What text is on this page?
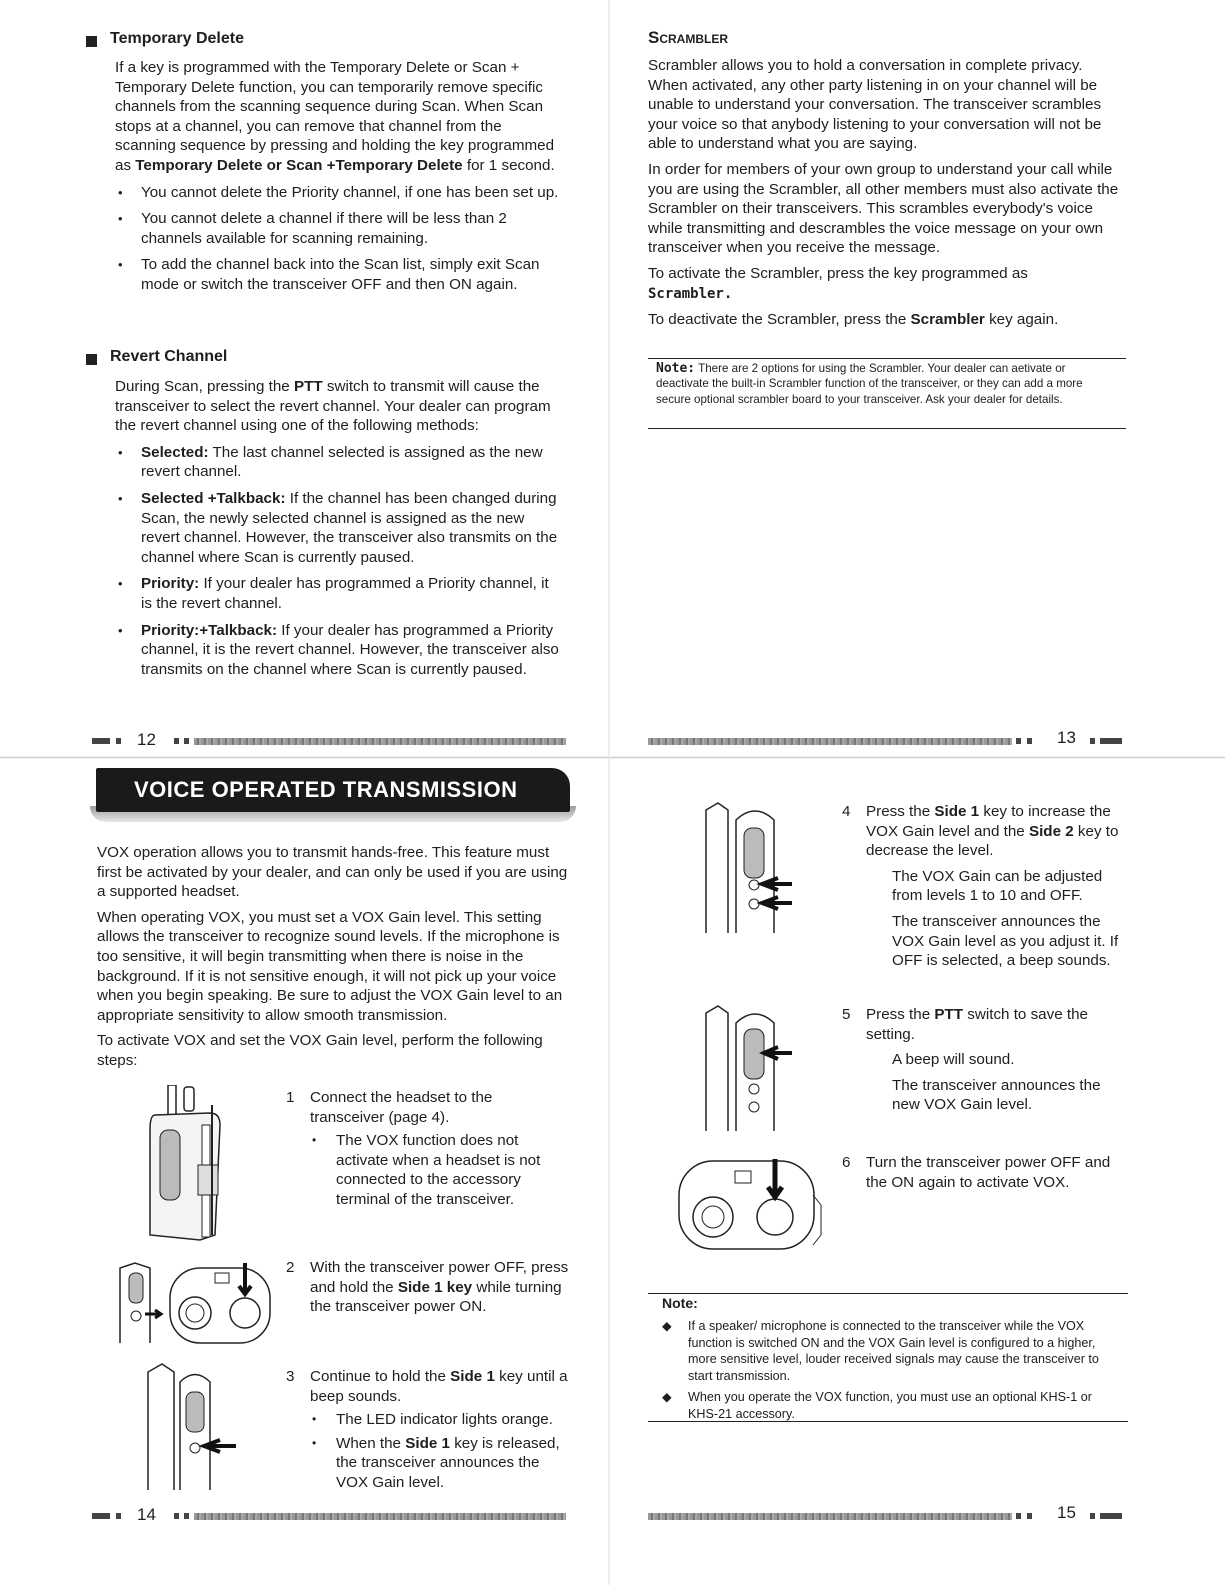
Temporary Delete

If a key is programmed with the Temporary Delete or Scan + Temporary Delete function, you can temporarily remove specific channels from the scanning sequence during Scan. When Scan stops at a channel, you can remove that channel from the scanning sequence by pressing and holding the key programmed as Temporary Delete or Scan +Temporary Delete for 1 second.

• You cannot delete the Priority channel, if one has been set up.
• You cannot delete a channel if there will be less than 2 channels available for scanning remaining.
• To add the channel back into the Scan list, simply exit Scan mode or switch the transceiver OFF and then ON again.
Revert Channel

During Scan, pressing the PTT switch to transmit will cause the transceiver to select the revert channel. Your dealer can program the revert channel using one of the following methods:

• Selected: The last channel selected is assigned as the new revert channel.
• Selected +Talkback: If the channel has been changed during Scan, the newly selected channel is assigned as the new revert channel. However, the transceiver also transmits on the channel where Scan is currently paused.
• Priority: If your dealer has programmed a Priority channel, it is the revert channel.
• Priority:+Talkback: If your dealer has programmed a Priority channel, it is the revert channel. However, the transceiver also transmits on the channel where Scan is currently paused.
12
Scrambler

Scrambler allows you to hold a conversation in complete privacy. When activated, any other party listening in on your channel will be unable to understand your conversation. The transceiver scrambles your voice so that anybody listening to your conversation will not be able to understand what you are saying.

In order for members of your own group to understand your call while you are using the Scrambler, all other members must also activate the Scrambler on their transceivers. This scrambles everybody's voice while transmitting and descrambles the voice message on your own transceiver when you receive the message.

To activate the Scrambler, press the key programmed as
Scrambler.

To deactivate the Scrambler, press the Scrambler key again.

Note: There are 2 options for using the Scrambler. Your dealer can aetivate or deactivate the built-in Scrambler function of the transceiver, or they can add a more secure optional scrambler board to your transceiver. Ask your dealer for details.
13
VOICE OPERATED TRANSMISSION (VOX)

VOX operation allows you to transmit hands-free. This feature must first be activated by your dealer, and can only be used if you are using a supported headset.

When operating VOX, you must set a VOX Gain level. This setting allows the transceiver to recognize sound levels. If the microphone is too sensitive, it will begin transmitting when there is noise in the background. If it is not sensitive enough, it will not pick up your voice when you begin speaking. Be sure to adjust the VOX Gain level to an appropriate sensitivity to allow smooth transmission.

To activate VOX and set the VOX Gain level, perform the following steps:

1 Connect the headset to the transceiver (page 4).

• The VOX function does not activate when a headset is not connected to the accessory terminal of the transceiver.
2 With the transceiver power OFF, press and hold the Side 1 key while turning the transceiver power ON.

3 Continue to hold the Side 1 key until a beep sounds.

• The LED indicator lights orange.
• When the Side 1 key is released, the transceiver announces the VOX Gain level.
14
4 Press the Side 1 key to increase the VOX Gain level and the Side 2 key to decrease the level.

The VOX Gain can be adjusted from levels 1 to 10 and OFF.

The transceiver announces the VOX Gain level as you adjust it. If OFF is selected, a beep sounds.

5 Press the PTT switch to save the setting.

A beep will sound.

The transceiver announces the new VOX Gain level.

6 Turn the transceiver power OFF and the ON again to activate VOX.

Note:
◆ If a speaker/ microphone is connected to the transceiver while the VOX function is switched ON and the VOX Gain level is configured to a higher, more sensitive level, louder received signals may cause the transceiver to start transmission.
◆ When you operate the VOX function, you must use an optional KHS-1 or KHS-21 accessory.
15
